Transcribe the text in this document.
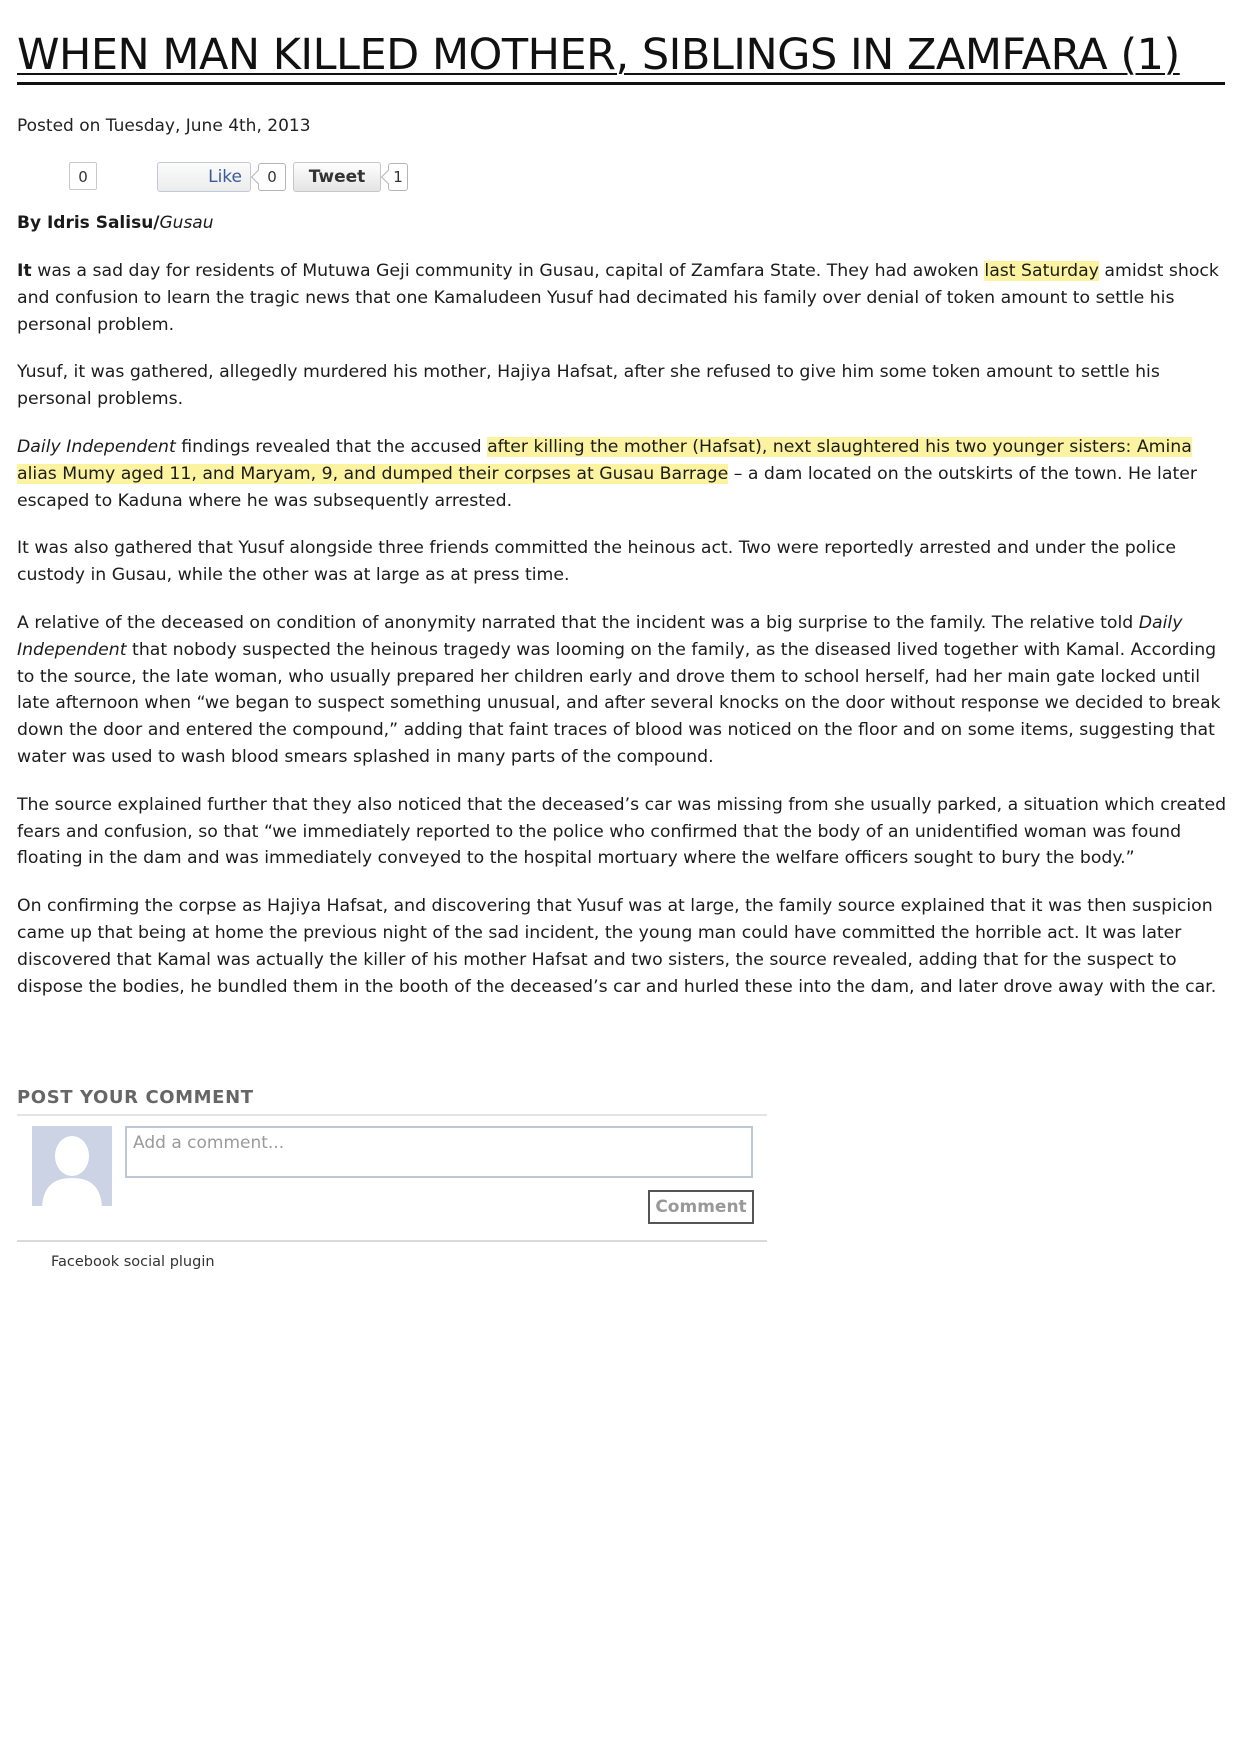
WHEN MAN KILLED MOTHER, SIBLINGS IN ZAMFARA (1)
Posted on Tuesday, June 4th, 2013
0	Like	0	Tweet	1
By Idris Salisu/Gusau

It was a sad day for residents of Mutuwa Geji community in Gusau, capital of Zamfara State. They had awoken last Saturday amidst shock and confusion to learn the tragic news that one Kamaludeen Yusuf had decimated his family over denial of token amount to settle his personal problem.

Yusuf, it was gathered, allegedly murdered his mother, Hajiya Hafsat, after she refused to give him some token amount to settle his personal problems.

Daily Independent findings revealed that the accused after killing the mother (Hafsat), next slaughtered his two younger sisters: Amina alias Mumy aged 11, and Maryam, 9, and dumped their corpses at Gusau Barrage – a dam located on the outskirts of the town. He later escaped to Kaduna where he was subsequently arrested.

It was also gathered that Yusuf alongside three friends committed the heinous act. Two were reportedly arrested and under the police custody in Gusau, while the other was at large as at press time.

A relative of the deceased on condition of anonymity narrated that the incident was a big surprise to the family. The relative told Daily Independent that nobody suspected the heinous tragedy was looming on the family, as the diseased lived together with Kamal. According to the source, the late woman, who usually prepared her children early and drove them to school herself, had her main gate locked until late afternoon when “we began to suspect something unusual, and after several knocks on the door without response we decided to break down the door and entered the compound,” adding that faint traces of blood was noticed on the floor and on some items, suggesting that water was used to wash blood smears splashed in many parts of the compound.

The source explained further that they also noticed that the deceased’s car was missing from she usually parked, a situation which created fears and confusion, so that “we immediately reported to the police who confirmed that the body of an unidentified woman was found floating in the dam and was immediately conveyed to the hospital mortuary where the welfare officers sought to bury the body.”

On confirming the corpse as Hajiya Hafsat, and discovering that Yusuf was at large, the family source explained that it was then suspicion came up that being at home the previous night of the sad incident, the young man could have committed the horrible act. It was later discovered that Kamal was actually the killer of his mother Hafsat and two sisters, the source revealed, adding that for the suspect to dispose the bodies, he bundled them in the booth of the deceased’s car and hurled these into the dam, and later drove away with the car.

POST YOUR COMMENT
Add a comment...
Comment
Facebook social plugin
